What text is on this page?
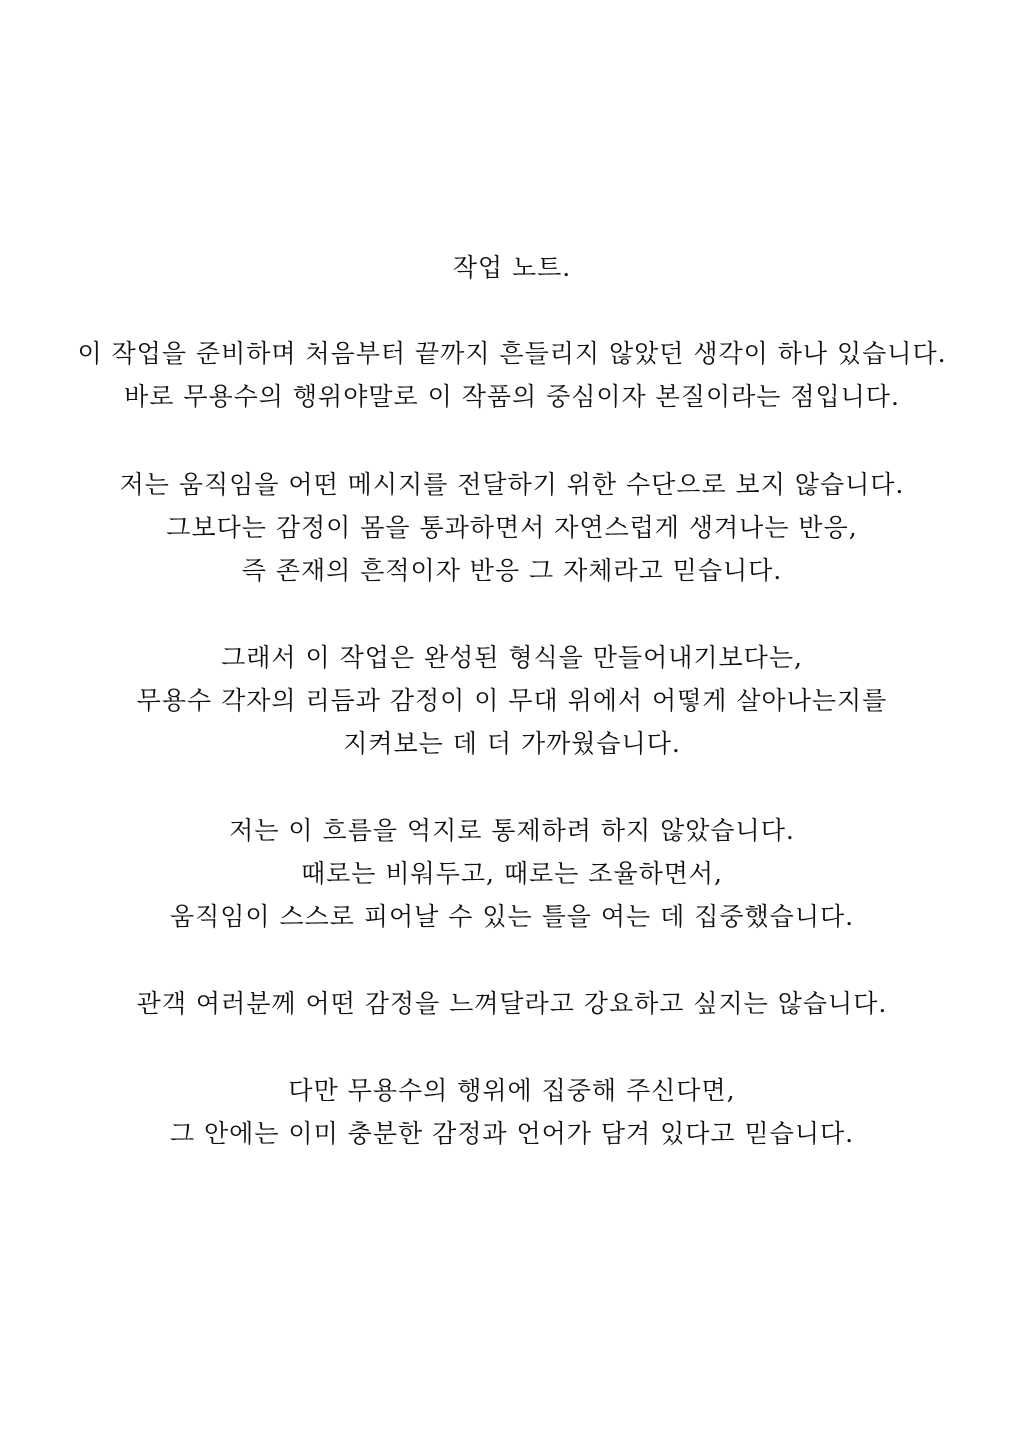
작업 노트.
이 작업을 준비하며 처음부터 끝까지 흔들리지 않았던 생각이 하나 있습니다.
바로 무용수의 행위야말로 이 작품의 중심이자 본질이라는 점입니다.
저는 움직임을 어떤 메시지를 전달하기 위한 수단으로 보지 않습니다.
그보다는 감정이 몸을 통과하면서 자연스럽게 생겨나는 반응,
즉 존재의 흔적이자 반응 그 자체라고 믿습니다.
그래서 이 작업은 완성된 형식을 만들어내기보다는,
무용수 각자의 리듬과 감정이 이 무대 위에서 어떻게 살아나는지를
지켜보는 데 더 가까웠습니다.
저는 이 흐름을 억지로 통제하려 하지 않았습니다.
때로는 비워두고, 때로는 조율하면서,
움직임이 스스로 피어날 수 있는 틀을 여는 데 집중했습니다.
관객 여러분께 어떤 감정을 느껴달라고 강요하고 싶지는 않습니다.
다만 무용수의 행위에 집중해 주신다면,
그 안에는 이미 충분한 감정과 언어가 담겨 있다고 믿습니다.
